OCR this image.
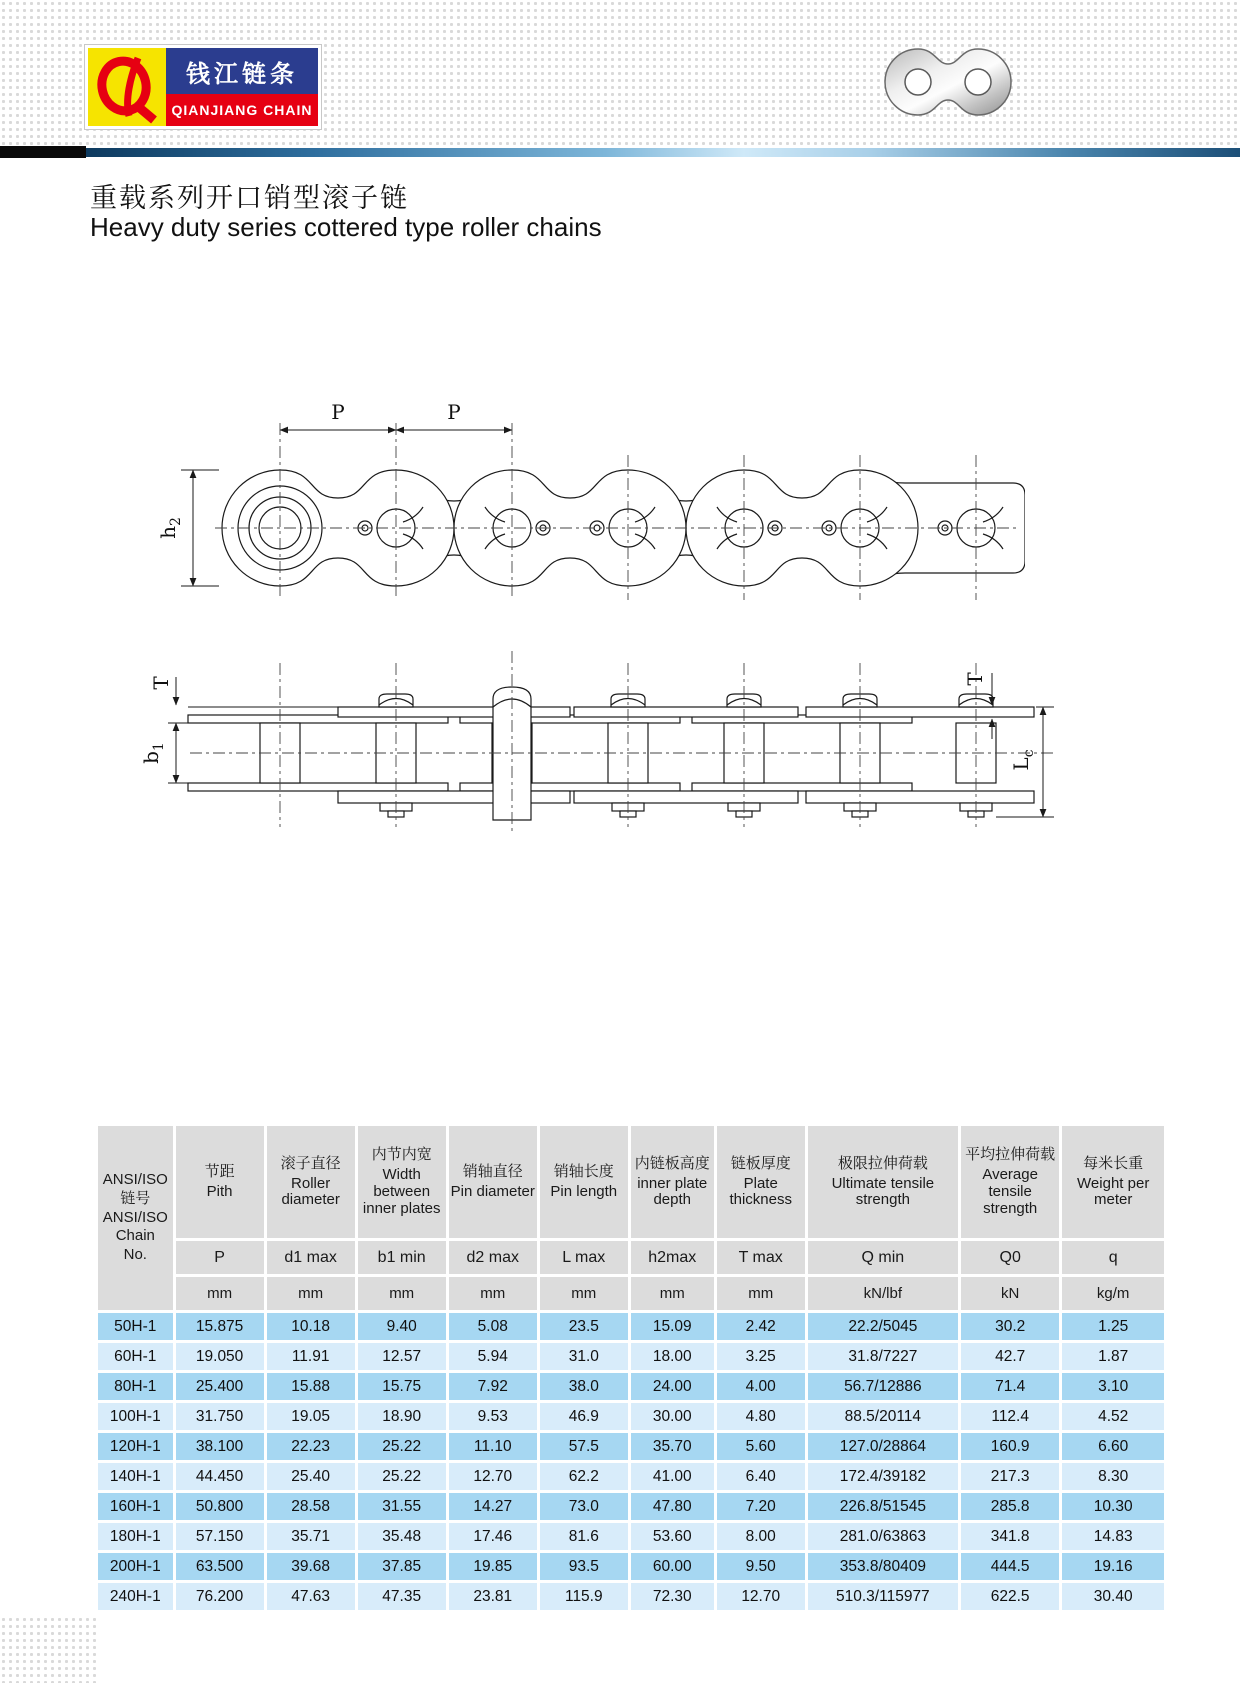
钱江链条
QIANJIANG CHAIN
重载系列开口销型滚子链
Heavy duty series cottered type roller chains
P	P
$h_2$
T
$b_1$
T
$L_c$
ANSI/ISO
链号
ANSI/ISO
Chain
No.

节距
Pith

滚子直径
Roller diameter

内节内宽
Width between inner plates

销轴直径
Pin diameter

销轴长度
Pin length

内链板高度
inner plate depth

链板厚度
Plate thickness

极限拉伸荷载
Ultimate tensile strength

平均拉伸荷载
Average tensile strength

每米长重
Weight per meter

	P	d1 max	b1 min	d2 max	L max	h2max	T max	Q min	Q0	q
	mm	mm	mm	mm	mm	mm	mm	kN/lbf	kN	kg/m
50H-1	15.875	10.18	9.40	5.08	23.5	15.09	2.42	22.2/5045	30.2	1.25
60H-1	19.050	11.91	12.57	5.94	31.0	18.00	3.25	31.8/7227	42.7	1.87
80H-1	25.400	15.88	15.75	7.92	38.0	24.00	4.00	56.7/12886	71.4	3.10
100H-1	31.750	19.05	18.90	9.53	46.9	30.00	4.80	88.5/20114	112.4	4.52
120H-1	38.100	22.23	25.22	11.10	57.5	35.70	5.60	127.0/28864	160.9	6.60
140H-1	44.450	25.40	25.22	12.70	62.2	41.00	6.40	172.4/39182	217.3	8.30
160H-1	50.800	28.58	31.55	14.27	73.0	47.80	7.20	226.8/51545	285.8	10.30
180H-1	57.150	35.71	35.48	17.46	81.6	53.60	8.00	281.0/63863	341.8	14.83
200H-1	63.500	39.68	37.85	19.85	93.5	60.00	9.50	353.8/80409	444.5	19.16
240H-1	76.200	47.63	47.35	23.81	115.9	72.30	12.70	510.3/115977	622.5	30.40
